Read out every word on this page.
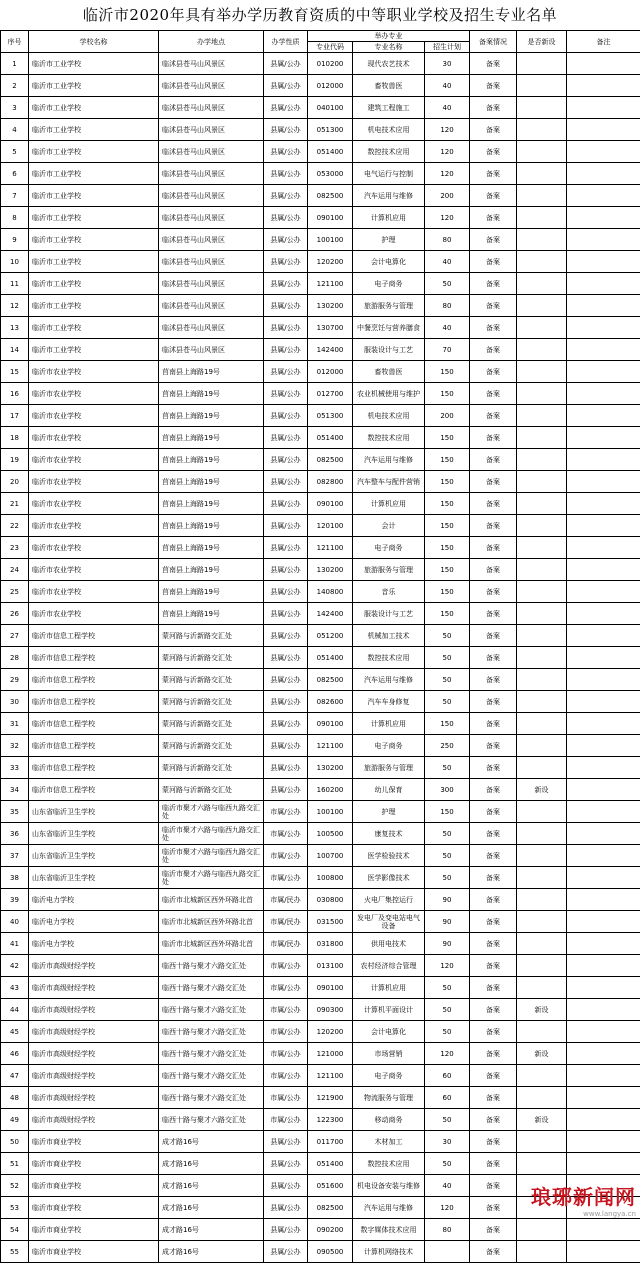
临沂市2020年具有举办学历教育资质的中等职业学校及招生专业名单
序号	学校名称	办学地点	办学性质	举办专业			备案情况	是否新设	备注
				专业代码	专业名称	招生计划			
1	临沂市工业学校	临沭县苍马山风景区	县属/公办	010200	现代农艺技术	30	备案		
2	临沂市工业学校	临沭县苍马山风景区	县属/公办	012000	畜牧兽医	40	备案		
3	临沂市工业学校	临沭县苍马山风景区	县属/公办	040100	建筑工程施工	40	备案		
4	临沂市工业学校	临沭县苍马山风景区	县属/公办	051300	机电技术应用	120	备案		
5	临沂市工业学校	临沭县苍马山风景区	县属/公办	051400	数控技术应用	120	备案		
6	临沂市工业学校	临沭县苍马山风景区	县属/公办	053000	电气运行与控制	120	备案		
7	临沂市工业学校	临沭县苍马山风景区	县属/公办	082500	汽车运用与维修	200	备案		
8	临沂市工业学校	临沭县苍马山风景区	县属/公办	090100	计算机应用	120	备案		
9	临沂市工业学校	临沭县苍马山风景区	县属/公办	100100	护理	80	备案		
10	临沂市工业学校	临沭县苍马山风景区	县属/公办	120200	会计电算化	40	备案		
11	临沂市工业学校	临沭县苍马山风景区	县属/公办	121100	电子商务	50	备案		
12	临沂市工业学校	临沭县苍马山风景区	县属/公办	130200	旅游服务与管理	80	备案		
13	临沂市工业学校	临沭县苍马山风景区	县属/公办	130700	中餐烹饪与营养膳食	40	备案		
14	临沂市工业学校	临沭县苍马山风景区	县属/公办	142400	服装设计与工艺	70	备案		
15	临沂市农业学校	莒南县上海路19号	县属/公办	012000	畜牧兽医	150	备案		
16	临沂市农业学校	莒南县上海路19号	县属/公办	012700	农业机械使用与维护	150	备案		
17	临沂市农业学校	莒南县上海路19号	县属/公办	051300	机电技术应用	200	备案		
18	临沂市农业学校	莒南县上海路19号	县属/公办	051400	数控技术应用	150	备案		
19	临沂市农业学校	莒南县上海路19号	县属/公办	082500	汽车运用与维修	150	备案		
20	临沂市农业学校	莒南县上海路19号	县属/公办	082800	汽车整车与配件营销	150	备案		
21	临沂市农业学校	莒南县上海路19号	县属/公办	090100	计算机应用	150	备案		
22	临沂市农业学校	莒南县上海路19号	县属/公办	120100	会计	150	备案		
23	临沂市农业学校	莒南县上海路19号	县属/公办	121100	电子商务	150	备案		
24	临沂市农业学校	莒南县上海路19号	县属/公办	130200	旅游服务与管理	150	备案		
25	临沂市农业学校	莒南县上海路19号	县属/公办	140800	音乐	150	备案		
26	临沂市农业学校	莒南县上海路19号	县属/公办	142400	服装设计与工艺	150	备案		
27	临沂市信息工程学校	蒙河路与沂新路交汇处	县属/公办	051200	机械加工技术	50	备案		
28	临沂市信息工程学校	蒙河路与沂新路交汇处	县属/公办	051400	数控技术应用	50	备案		
29	临沂市信息工程学校	蒙河路与沂新路交汇处	县属/公办	082500	汽车运用与维修	50	备案		
30	临沂市信息工程学校	蒙河路与沂新路交汇处	县属/公办	082600	汽车车身修复	50	备案		
31	临沂市信息工程学校	蒙河路与沂新路交汇处	县属/公办	090100	计算机应用	150	备案		
32	临沂市信息工程学校	蒙河路与沂新路交汇处	县属/公办	121100	电子商务	250	备案		
33	临沂市信息工程学校	蒙河路与沂新路交汇处	县属/公办	130200	旅游服务与管理	50	备案		
34	临沂市信息工程学校	蒙河路与沂新路交汇处	县属/公办	160200	幼儿保育	300	备案	新设	
35	山东省临沂卫生学校	临沂市聚才六路与临西九路交汇处	市属/公办	100100	护理	150	备案		
36	山东省临沂卫生学校	临沂市聚才六路与临西九路交汇处	市属/公办	100500	康复技术	50	备案		
37	山东省临沂卫生学校	临沂市聚才六路与临西九路交汇处	市属/公办	100700	医学检验技术	50	备案		
38	山东省临沂卫生学校	临沂市聚才六路与临西九路交汇处	市属/公办	100800	医学影像技术	50	备案		
39	临沂电力学校	临沂市北城新区西外环路北首	市属/民办	030800	火电厂集控运行	90	备案		
40	临沂电力学校	临沂市北城新区西外环路北首	市属/民办	031500	发电厂及变电站电气设备	90	备案		
41	临沂电力学校	临沂市北城新区西外环路北首	市属/民办	031800	供用电技术	90	备案		
42	临沂市高级财经学校	临西十路与聚才六路交汇处	市属/公办	013100	农村经济综合管理	120	备案		
43	临沂市高级财经学校	临西十路与聚才六路交汇处	市属/公办	090100	计算机应用	50	备案		
44	临沂市高级财经学校	临西十路与聚才六路交汇处	市属/公办	090300	计算机平面设计	50	备案	新设	
45	临沂市高级财经学校	临西十路与聚才六路交汇处	市属/公办	120200	会计电算化	50	备案		
46	临沂市高级财经学校	临西十路与聚才六路交汇处	市属/公办	121000	市场营销	120	备案	新设	
47	临沂市高级财经学校	临西十路与聚才六路交汇处	市属/公办	121100	电子商务	60	备案		
48	临沂市高级财经学校	临西十路与聚才六路交汇处	市属/公办	121900	物流服务与管理	60	备案		
49	临沂市高级财经学校	临西十路与聚才六路交汇处	市属/公办	122300	移动商务	50	备案	新设	
50	临沂市商业学校	成才路16号	县属/公办	011700	木材加工	30	备案		
51	临沂市商业学校	成才路16号	县属/公办	051400	数控技术应用	50	备案		
52	临沂市商业学校	成才路16号	县属/公办	051600	机电设备安装与维修	40	备案		
53	临沂市商业学校	成才路16号	县属/公办	082500	汽车运用与维修	120	备案		
54	临沂市商业学校	成才路16号	县属/公办	090200	数字媒体技术应用	80	备案		
55	临沂市商业学校	成才路16号	县属/公办	090500	计算机网络技术		备案		
琅琊新闻网
www.langya.cn
